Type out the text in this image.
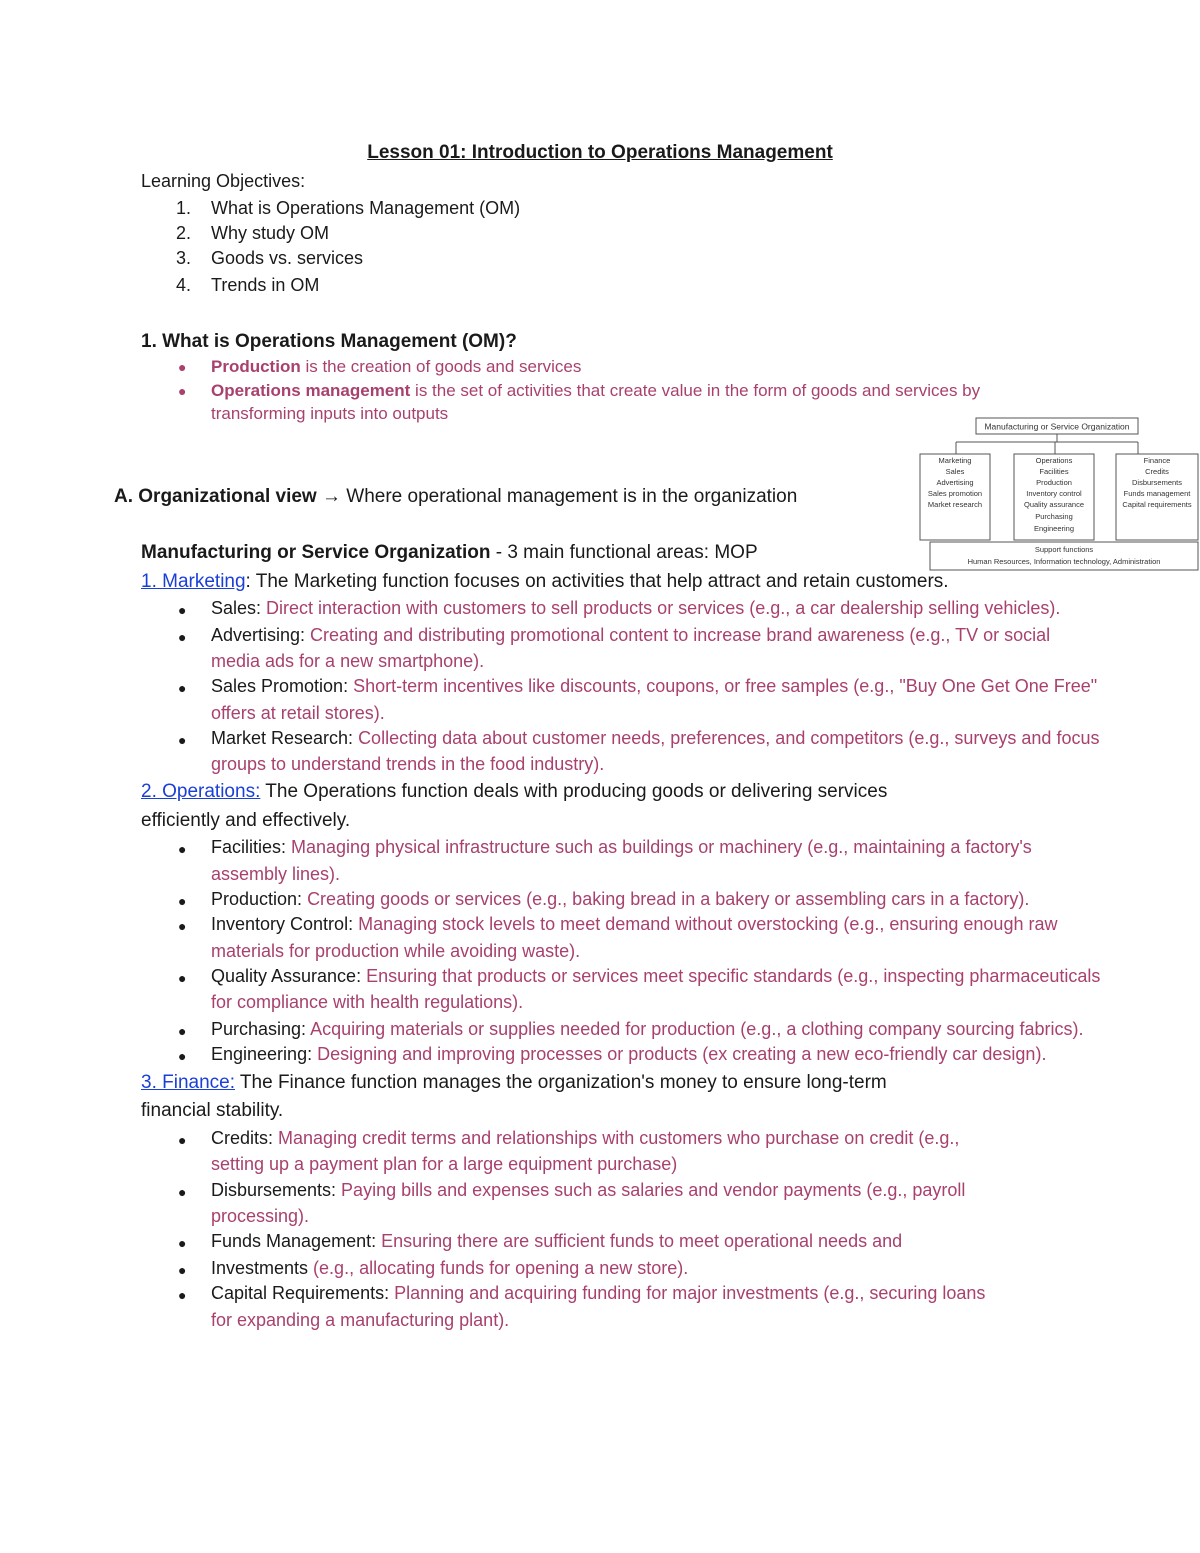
Lesson 01: Introduction to Operations Management
Learning Objectives:
1. What is Operations Management (OM)
2. Why study OM
3. Goods vs. services
4. Trends in OM
1. What is Operations Management (OM)?
● Production is the creation of goods and services
● Operations management is the set of activities that create value in the form of goods and services by
transforming inputs into outputs
Manufacturing or Service Organization
Marketing
Sales
Advertising
Sales promotion
Market research
Operations
Facilities
Production
Inventory control
Quality assurance
Purchasing
Engineering
Finance
Credits
Disbursements
Funds management
Capital requirements
Support functions
Human Resources, Information technology, Administration
A. Organizational view → Where operational management is in the organization
Manufacturing or Service Organization - 3 main functional areas: MOP
1. Marketing: The Marketing function focuses on activities that help attract and retain customers.
● Sales: Direct interaction with customers to sell products or services (e.g., a car dealership selling vehicles).
● Advertising: Creating and distributing promotional content to increase brand awareness (e.g., TV or social
media ads for a new smartphone).
● Sales Promotion: Short-term incentives like discounts, coupons, or free samples (e.g., "Buy One Get One Free"
offers at retail stores).
● Market Research: Collecting data about customer needs, preferences, and competitors (e.g., surveys and focus
groups to understand trends in the food industry).
2. Operations: The Operations function deals with producing goods or delivering services
efficiently and effectively.
● Facilities: Managing physical infrastructure such as buildings or machinery (e.g., maintaining a factory's
assembly lines).
● Production: Creating goods or services (e.g., baking bread in a bakery or assembling cars in a factory).
● Inventory Control: Managing stock levels to meet demand without overstocking (e.g., ensuring enough raw
materials for production while avoiding waste).
● Quality Assurance: Ensuring that products or services meet specific standards (e.g., inspecting pharmaceuticals
for compliance with health regulations).
● Purchasing: Acquiring materials or supplies needed for production (e.g., a clothing company sourcing fabrics).
● Engineering: Designing and improving processes or products (ex creating a new eco-friendly car design).
3. Finance: The Finance function manages the organization's money to ensure long-term
financial stability.
● Credits: Managing credit terms and relationships with customers who purchase on credit (e.g.,
setting up a payment plan for a large equipment purchase)
● Disbursements: Paying bills and expenses such as salaries and vendor payments (e.g., payroll
processing).
● Funds Management: Ensuring there are sufficient funds to meet operational needs and
● Investments (e.g., allocating funds for opening a new store).
● Capital Requirements: Planning and acquiring funding for major investments (e.g., securing loans
for expanding a manufacturing plant).
